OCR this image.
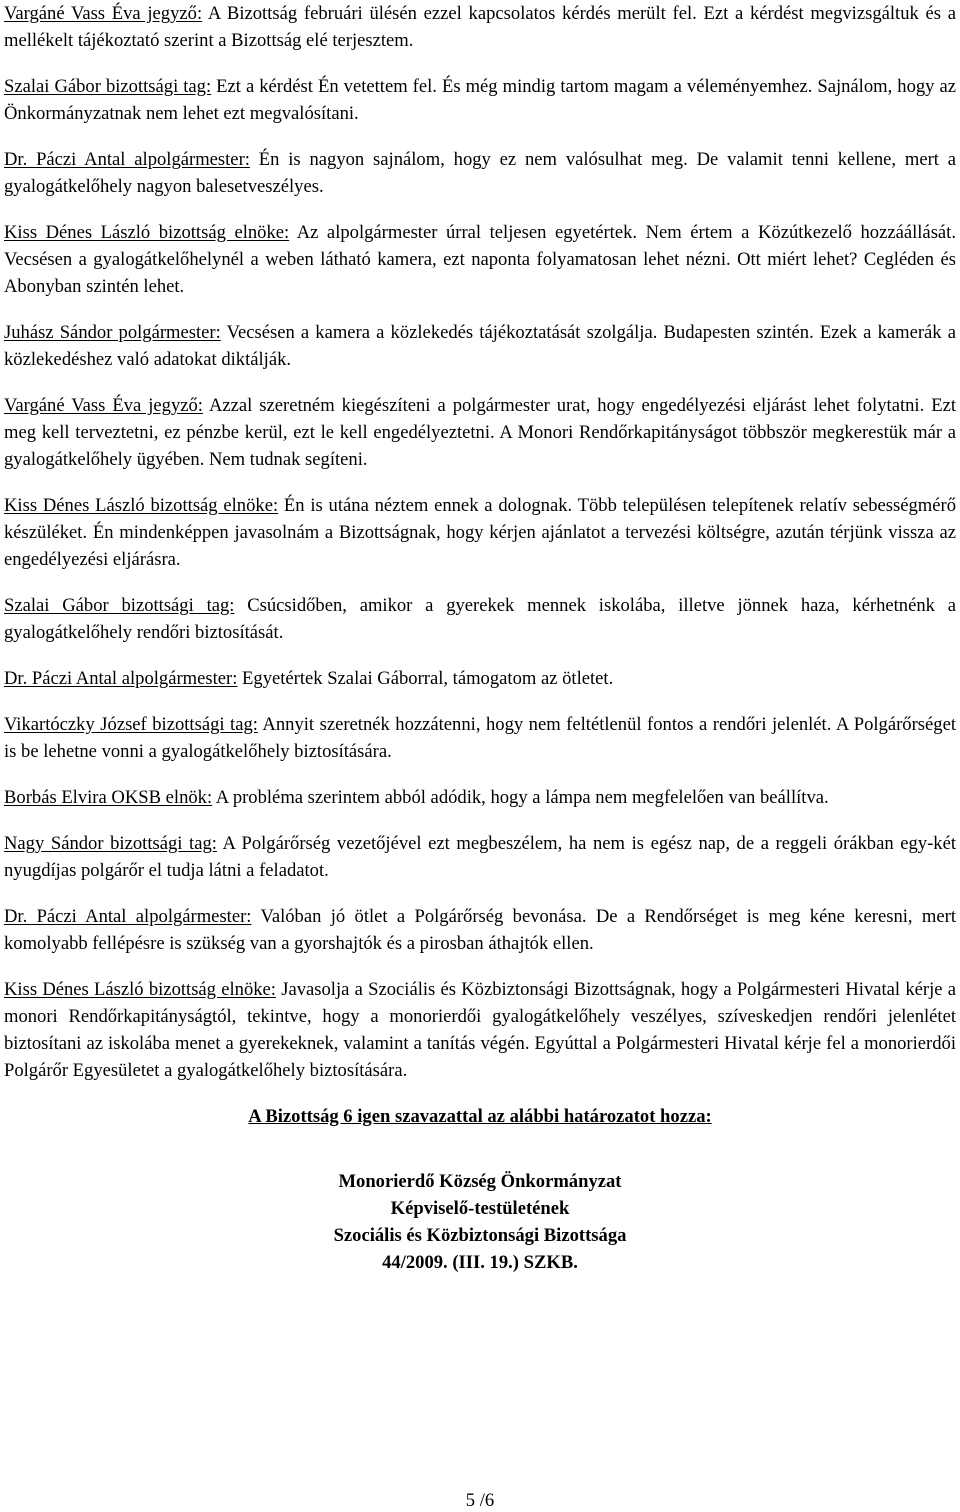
Vargáné Vass Éva jegyző: A Bizottság februári ülésén ezzel kapcsolatos kérdés merült fel. Ezt a kérdést megvizsgáltuk és a mellékelt tájékoztató szerint a Bizottság elé terjesztem.

Szalai Gábor bizottsági tag: Ezt a kérdést Én vetettem fel. És még mindig tartom magam a véleményemhez. Sajnálom, hogy az Önkormányzatnak nem lehet ezt megvalósítani.

Dr. Páczi Antal alpolgármester: Én is nagyon sajnálom, hogy ez nem valósulhat meg. De valamit tenni kellene, mert a gyalogátkelőhely nagyon balesetveszélyes.

Kiss Dénes László bizottság elnöke: Az alpolgármester úrral teljesen egyetértek. Nem értem a Közútkezelő hozzáállását. Vecsésen a gyalogátkelőhelynél a weben látható kamera, ezt naponta folyamatosan lehet nézni. Ott miért lehet? Cegléden és Abonyban szintén lehet.

Juhász Sándor polgármester: Vecsésen a kamera a közlekedés tájékoztatását szolgálja. Budapesten szintén. Ezek a kamerák a közlekedéshez való adatokat diktálják.

Vargáné Vass Éva jegyző: Azzal szeretném kiegészíteni a polgármester urat, hogy engedélyezési eljárást lehet folytatni. Ezt meg kell terveztetni, ez pénzbe kerül, ezt le kell engedélyeztetni. A Monori Rendőrkapitányságot többször megkerestük már a gyalogátkelőhely ügyében. Nem tudnak segíteni.

Kiss Dénes László bizottság elnöke: Én is utána néztem ennek a dolognak. Több településen telepítenek relatív sebességmérő készüléket. Én mindenképpen javasolnám a Bizottságnak, hogy kérjen ajánlatot a tervezési költségre, azután térjünk vissza az engedélyezési eljárásra.

Szalai Gábor bizottsági tag: Csúcsidőben, amikor a gyerekek mennek iskolába, illetve jönnek haza, kérhetnénk a gyalogátkelőhely rendőri biztosítását.

Dr. Páczi Antal alpolgármester: Egyetértek Szalai Gáborral, támogatom az ötletet.

Vikartóczky József bizottsági tag: Annyit szeretnék hozzátenni, hogy nem feltétlenül fontos a rendőri jelenlét. A Polgárőrséget is be lehetne vonni a gyalogátkelőhely biztosítására.

Borbás Elvira OKSB elnök: A probléma szerintem abból adódik, hogy a lámpa nem megfelelően van beállítva.

Nagy Sándor bizottsági tag: A Polgárőrség vezetőjével ezt megbeszélem, ha nem is egész nap, de a reggeli órákban egy-két nyugdíjas polgárőr el tudja látni a feladatot.

Dr. Páczi Antal alpolgármester: Valóban jó ötlet a Polgárőrség bevonása. De a Rendőrséget is meg kéne keresni, mert komolyabb fellépésre is szükség van a gyorshajtók és a pirosban áthajtók ellen.

Kiss Dénes László bizottság elnöke: Javasolja a Szociális és Közbiztonsági Bizottságnak, hogy a Polgármesteri Hivatal kérje a monori Rendőrkapitányságtól, tekintve, hogy a monorierdői gyalogátkelőhely veszélyes, szíveskedjen rendőri jelenlétet biztosítani az iskolába menet a gyerekeknek, valamint a tanítás végén. Egyúttal a Polgármesteri Hivatal kérje fel a monorierdői Polgárőr Egyesületet a gyalogátkelőhely biztosítására.

A Bizottság 6 igen szavazattal az alábbi határozatot hozza:

Monorierdő Község Önkormányzat
Képviselő-testületének
Szociális és Közbiztonsági Bizottsága
44/2009. (III. 19.) SZKB.
5 /6
